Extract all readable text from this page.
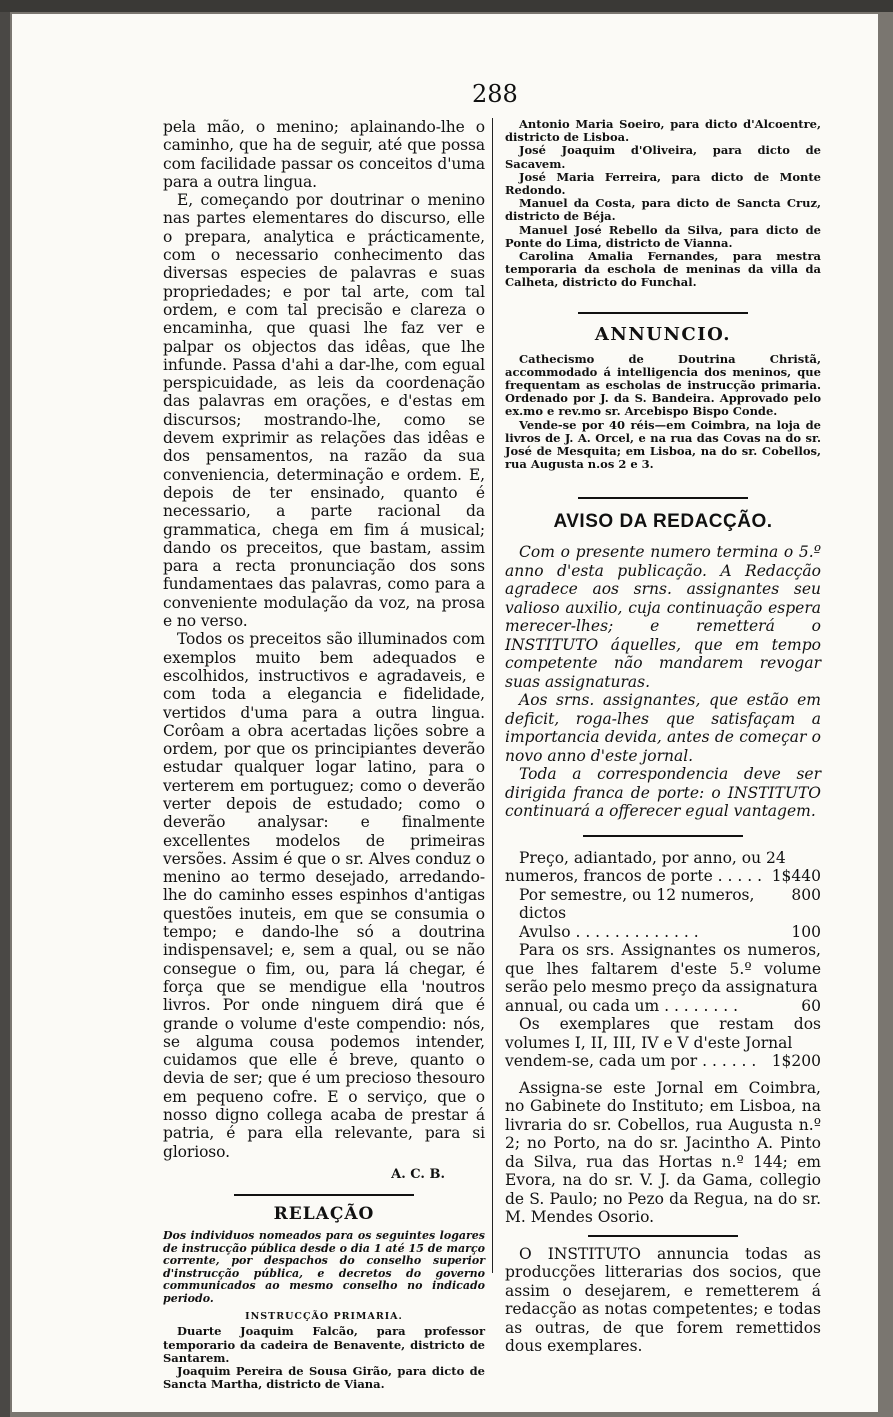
288

pela mão, o menino; aplainando-lhe o caminho, que ha de seguir, até que possa com facilidade passar os conceitos d'uma para a outra lingua.

E, começando por doutrinar o menino nas partes elementares do discurso, elle o prepara, analytica e prácticamente, com o necessario conhecimento das diversas especies de palavras e suas propriedades; e por tal arte, com tal ordem, e com tal precisão e clareza o encaminha, que quasi lhe faz ver e palpar os objectos das idêas, que lhe infunde. Passa d'ahi a dar-lhe, com egual perspicuidade, as leis da coordenação das palavras em orações, e d'estas em discursos; mostrando-lhe, como se devem exprimir as relações das idêas e dos pensamentos, na razão da sua conveniencia, determinação e ordem. E, depois de ter ensinado, quanto é necessario, a parte racional da grammatica, chega em fim á musical; dando os preceitos, que bastam, assim para a recta pronunciação dos sons fundamentaes das palavras, como para a conveniente modulação da voz, na prosa e no verso.

Todos os preceitos são illuminados com exemplos muito bem adequados e escolhidos, instructivos e agradaveis, e com toda a elegancia e fidelidade, vertidos d'uma para a outra lingua. Corôam a obra acertadas lições sobre a ordem, por que os principiantes deverão estudar qualquer logar latino, para o verterem em portuguez; como o deverão verter depois de estudado; como o deverão analysar: e finalmente excellentes modelos de primeiras versões. Assim é que o sr. Alves conduz o menino ao termo desejado, arredando-lhe do caminho esses espinhos d'antigas questões inuteis, em que se consumia o tempo; e dando-lhe só a doutrina indispensavel; e, sem a qual, ou se não consegue o fim, ou, para lá chegar, é força que se mendigue ella 'noutros livros. Por onde ninguem dirá que é grande o volume d'este compendio: nós, se alguma cousa podemos intender, cuidamos que elle é breve, quanto o devia de ser; que é um precioso thesouro em pequeno cofre. E o serviço, que o nosso digno collega acaba de prestar á patria, é para ella relevante, para si glorioso.

A. C. B.
RELAÇÃO

Dos individuos nomeados para os seguintes logares de instrucção pública desde o dia 1 até 15 de março corrente, por despachos do conselho superior d'instrucção pública, e decretos do governo communicados ao mesmo conselho no indicado periodo.

INSTRUCÇÃO PRIMARIA.

Duarte Joaquim Falcão, para professor temporario da cadeira de Benavente, districto de Santarem.

Joaquim Pereira de Sousa Girão, para dicto de Sancta Martha, districto de Viana.

Antonio Maria Soeiro, para dicto d'Alcoentre, districto de Lisboa.

José Joaquim d'Oliveira, para dicto de Sacavem.

José Maria Ferreira, para dicto de Monte Redondo.

Manuel da Costa, para dicto de Sancta Cruz, districto de Béja.

Manuel José Rebello da Silva, para dicto de Ponte do Lima, districto de Vianna.

Carolina Amalia Fernandes, para mestra temporaria da eschola de meninas da villa da Calheta, districto do Funchal.

ANNUNCIO.

Cathecismo de Doutrina Christã, accommodado á intelligencia dos meninos, que frequentam as escholas de instrucção primaria. Ordenado por J. da S. Bandeira. Approvado pelo ex.mo e rev.mo sr. Arcebispo Bispo Conde.

Vende-se por 40 réis—em Coimbra, na loja de livros de J. A. Orcel, e na rua das Covas na do sr. José de Mesquita; em Lisboa, na do sr. Cobellos, rua Augusta n.os 2 e 3.

AVISO DA REDACÇÃO.

Com o presente numero termina o 5.º anno d'esta publicação. A Redacção agradece aos srns. assignantes seu valioso auxilio, cuja continuação espera merecer-lhes; e remetterá o INSTITUTO áquelles, que em tempo competente não mandarem revogar suas assignaturas.

Aos srns. assignantes, que estão em deficit, roga-lhes que satisfaçam a importancia devida, antes de começar o novo anno d'este jornal.

Toda a correspondencia deve ser dirigida franca de porte: o INSTITUTO continuará a offerecer egual vantagem.

Preço, adiantado, por anno, ou 24

numeros, francos de porte . . . . . 1$440
Por semestre, ou 12 numeros, dictos
800
Avulso . . . . . . . . . . . . .	100

Para os srs. Assignantes os numeros, que lhes faltarem d'este 5.º volume serão pelo mesmo preço da assignatura

annual, ou cada um . . . . . . . .	60

Os exemplares que restam dos volumes I, II, III, IV e V d'este Jornal

vendem-se, cada um por . . . . . . 1$200

Assigna-se este Jornal em Coimbra, no Gabinete do Instituto; em Lisboa, na livraria do sr. Cobellos, rua Augusta n.º 2; no Porto, na do sr. Jacintho A. Pinto da Silva, rua das Hortas n.º 144; em Evora, na do sr. V. J. da Gama, collegio de S. Paulo; no Pezo da Regua, na do sr. M. Mendes Osorio.

O INSTITUTO annuncia todas as producções litterarias dos socios, que assim o desejarem, e remetterem á redacção as notas competentes; e todas as outras, de que forem remettidos dous exemplares.
